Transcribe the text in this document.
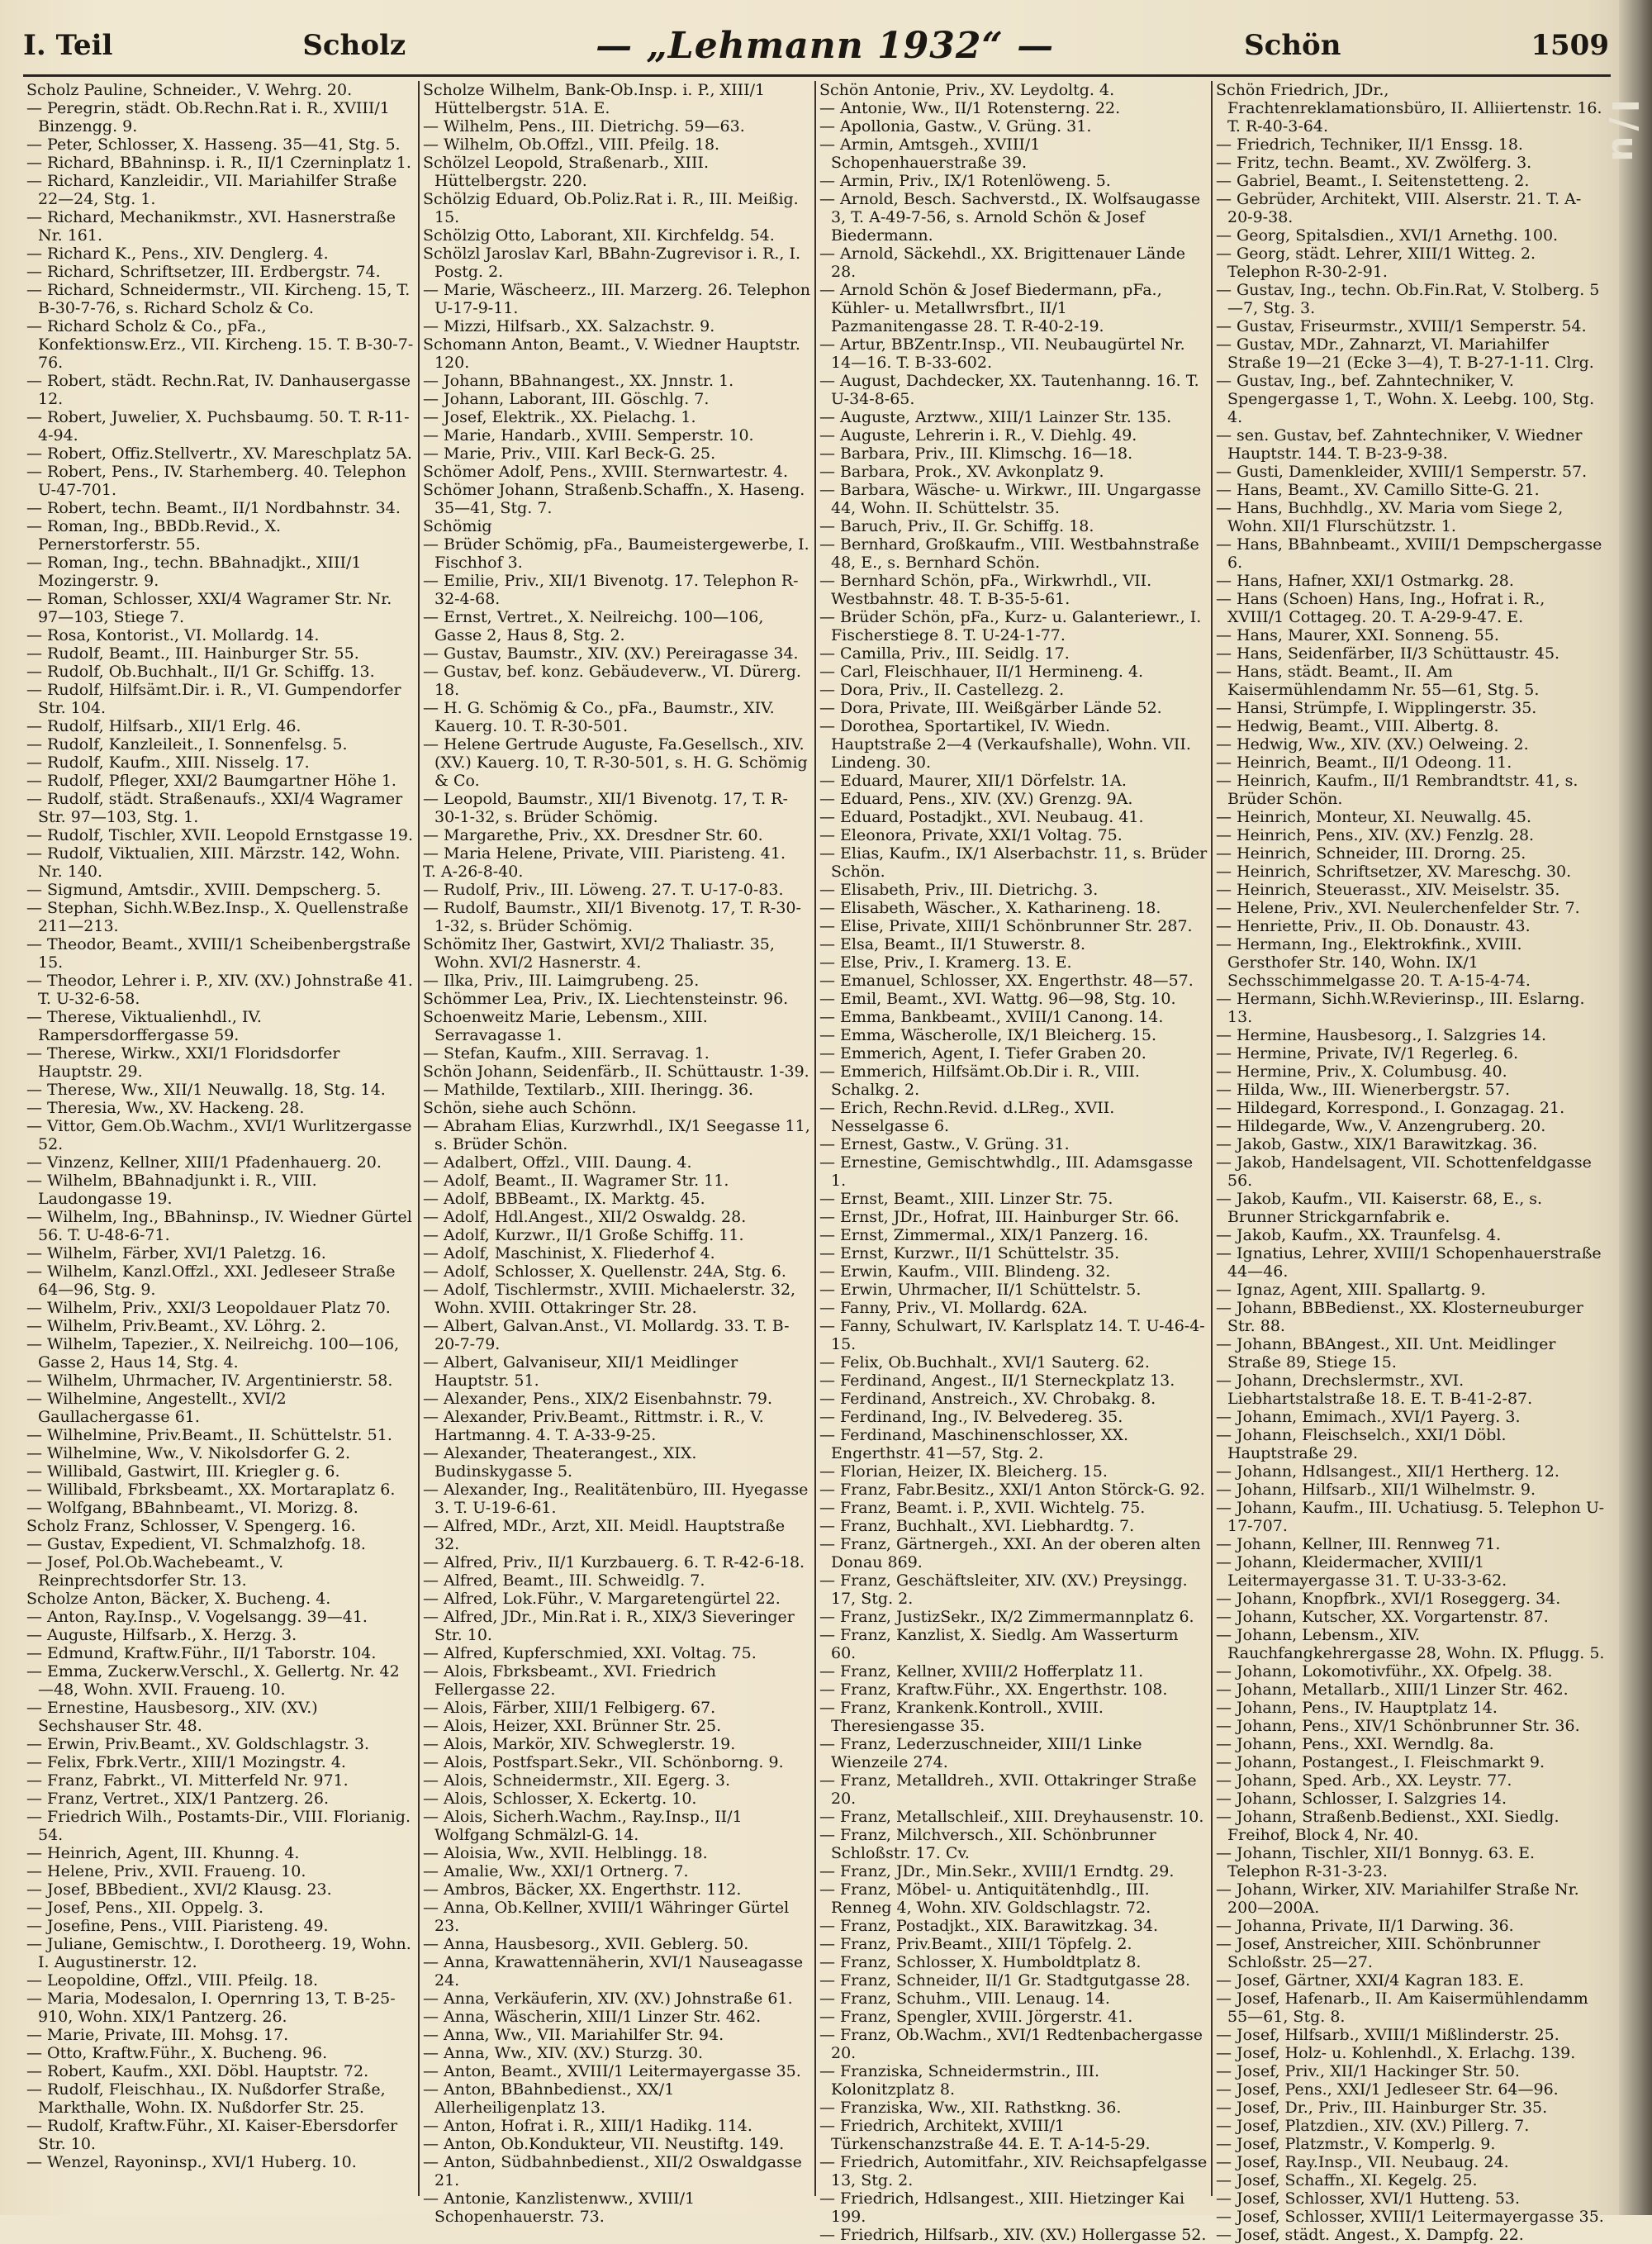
I. Teil	Scholz	— „Lehmann 1932“ —	Schön	1509

Scholz Pauline, Schneider., V. Wehrg. 20.

— Peregrin, städt. Ob.Rechn.Rat i. R., XVIII/1 Binzengg. 9.

— Peter, Schlosser, X. Hasseng. 35—41, Stg. 5.

— Richard, BBahninsp. i. R., II/1 Czerninplatz 1.

— Richard, Kanzleidir., VII. Mariahilfer Straße 22—24, Stg. 1.

— Richard, Mechanikmstr., XVI. Hasnerstraße Nr. 161.

— Richard K., Pens., XIV. Denglerg. 4.

— Richard, Schriftsetzer, III. Erdbergstr. 74.

— Richard, Schneidermstr., VII. Kircheng. 15, T. B-30-7-76, s. Richard Scholz & Co.

— Richard Scholz & Co., pFa., Konfektionsw.Erz., VII. Kircheng. 15. T. B-30-7-76.

— Robert, städt. Rechn.Rat, IV. Danhausergasse 12.

— Robert, Juwelier, X. Puchsbaumg. 50. T. R-11-4-94.

— Robert, Offiz.Stellvertr., XV. Mareschplatz 5A.

— Robert, Pens., IV. Starhemberg. 40. Telephon U-47-701.

— Robert, techn. Beamt., II/1 Nordbahnstr. 34.

— Roman, Ing., BBDb.Revid., X. Pernerstorferstr. 55.

— Roman, Ing., techn. BBahnadjkt., XIII/1 Mozingerstr. 9.

— Roman, Schlosser, XXI/4 Wagramer Str. Nr. 97—103, Stiege 7.

— Rosa, Kontorist., VI. Mollardg. 14.

— Rudolf, Beamt., III. Hainburger Str. 55.

— Rudolf, Ob.Buchhalt., II/1 Gr. Schiffg. 13.

— Rudolf, Hilfsämt.Dir. i. R., VI. Gumpendorfer Str. 104.

— Rudolf, Hilfsarb., XII/1 Erlg. 46.

— Rudolf, Kanzleileit., I. Sonnenfelsg. 5.

— Rudolf, Kaufm., XIII. Nisselg. 17.

— Rudolf, Pfleger, XXI/2 Baumgartner Höhe 1.

— Rudolf, städt. Straßenaufs., XXI/4 Wagramer Str. 97—103, Stg. 1.

— Rudolf, Tischler, XVII. Leopold Ernstgasse 19.

— Rudolf, Viktualien, XIII. Märzstr. 142, Wohn. Nr. 140.

— Sigmund, Amtsdir., XVIII. Dempscherg. 5.

— Stephan, Sichh.W.Bez.Insp., X. Quellenstraße 211—213.

— Theodor, Beamt., XVIII/1 Scheibenbergstraße 15.

— Theodor, Lehrer i. P., XIV. (XV.) Johnstraße 41. T. U-32-6-58.

— Therese, Viktualienhdl., IV. Rampersdorffergasse 59.

— Therese, Wirkw., XXI/1 Floridsdorfer Hauptstr. 29.

— Therese, Ww., XII/1 Neuwallg. 18, Stg. 14.

— Theresia, Ww., XV. Hackeng. 28.

— Vittor, Gem.Ob.Wachm., XVI/1 Wurlitzergasse 52.

— Vinzenz, Kellner, XIII/1 Pfadenhauerg. 20.

— Wilhelm, BBahnadjunkt i. R., VIII. Laudongasse 19.

— Wilhelm, Ing., BBahninsp., IV. Wiedner Gürtel 56. T. U-48-6-71.

— Wilhelm, Färber, XVI/1 Paletzg. 16.

— Wilhelm, Kanzl.Offzl., XXI. Jedleseer Straße 64—96, Stg. 9.

— Wilhelm, Priv., XXI/3 Leopoldauer Platz 70.

— Wilhelm, Priv.Beamt., XV. Löhrg. 2.

— Wilhelm, Tapezier., X. Neilreichg. 100—106, Gasse 2, Haus 14, Stg. 4.

— Wilhelm, Uhrmacher, IV. Argentinierstr. 58.

— Wilhelmine, Angestellt., XVI/2 Gaullachergasse 61.

— Wilhelmine, Priv.Beamt., II. Schüttelstr. 51.

— Wilhelmine, Ww., V. Nikolsdorfer G. 2.

— Willibald, Gastwirt, III. Kriegler g. 6.

— Willibald, Fbrksbeamt., XX. Mortaraplatz 6.

— Wolfgang, BBahnbeamt., VI. Morizg. 8.

Scholz Franz, Schlosser, V. Spengerg. 16.

— Gustav, Expedient, VI. Schmalzhofg. 18.

— Josef, Pol.Ob.Wachebeamt., V. Reinprechtsdorfer Str. 13.

Scholze Anton, Bäcker, X. Bucheng. 4.

— Anton, Ray.Insp., V. Vogelsangg. 39—41.

— Auguste, Hilfsarb., X. Herzg. 3.

— Edmund, Kraftw.Führ., II/1 Taborstr. 104.

— Emma, Zuckerw.Verschl., X. Gellertg. Nr. 42—48, Wohn. XVII. Fraueng. 10.

— Ernestine, Hausbesorg., XIV. (XV.) Sechshauser Str. 48.

— Erwin, Priv.Beamt., XV. Goldschlagstr. 3.

— Felix, Fbrk.Vertr., XIII/1 Mozingstr. 4.

— Franz, Fabrkt., VI. Mitterfeld Nr. 971.

— Franz, Vertret., XIX/1 Pantzerg. 26.

— Friedrich Wilh., Postamts-Dir., VIII. Florianig. 54.

— Heinrich, Agent, III. Khunng. 4.

— Helene, Priv., XVII. Fraueng. 10.

— Josef, BBbedient., XVI/2 Klausg. 23.

— Josef, Pens., XII. Oppelg. 3.

— Josefine, Pens., VIII. Piaristeng. 49.

— Juliane, Gemischtw., I. Dorotheerg. 19, Wohn. I. Augustinerstr. 12.

— Leopoldine, Offzl., VIII. Pfeilg. 18.

— Maria, Modesalon, I. Opernring 13, T. B-25-910, Wohn. XIX/1 Pantzerg. 26.

— Marie, Private, III. Mohsg. 17.

— Otto, Kraftw.Führ., X. Bucheng. 96.

— Robert, Kaufm., XXI. Döbl. Hauptstr. 72.

— Rudolf, Fleischhau., IX. Nußdorfer Straße, Markthalle, Wohn. IX. Nußdorfer Str. 25.

— Rudolf, Kraftw.Führ., XI. Kaiser-Ebersdorfer Str. 10.

— Wenzel, Rayoninsp., XVI/1 Huberg. 10.

Scholze Wilhelm, Bank-Ob.Insp. i. P., XIII/1 Hüttelbergstr. 51A. E.

— Wilhelm, Pens., III. Dietrichg. 59—63.

— Wilhelm, Ob.Offzl., VIII. Pfeilg. 18.

Schölzel Leopold, Straßenarb., XIII. Hüttelbergstr. 220.

Schölzig Eduard, Ob.Poliz.Rat i. R., III. Meißig. 15.

Schölzig Otto, Laborant, XII. Kirchfeldg. 54.

Schölzl Jaroslav Karl, BBahn-Zugrevisor i. R., I. Postg. 2.

— Marie, Wäscheerz., III. Marzerg. 26. Telephon U-17-9-11.

— Mizzi, Hilfsarb., XX. Salzachstr. 9.

Schomann Anton, Beamt., V. Wiedner Hauptstr. 120.

— Johann, BBahnangest., XX. Jnnstr. 1.

— Johann, Laborant, III. Göschlg. 7.

— Josef, Elektrik., XX. Pielachg. 1.

— Marie, Handarb., XVIII. Semperstr. 10.

— Marie, Priv., VIII. Karl Beck-G. 25.

Schömer Adolf, Pens., XVIII. Sternwartestr. 4.

Schömer Johann, Straßenb.Schaffn., X. Haseng. 35—41, Stg. 7.

Schömig

— Brüder Schömig, pFa., Baumeistergewerbe, I. Fischhof 3.

— Emilie, Priv., XII/1 Bivenotg. 17. Telephon R-32-4-68.

— Ernst, Vertret., X. Neilreichg. 100—106, Gasse 2, Haus 8, Stg. 2.

— Gustav, Baumstr., XIV. (XV.) Pereiragasse 34.

— Gustav, bef. konz. Gebäudeverw., VI. Dürerg. 18.

— H. G. Schömig & Co., pFa., Baumstr., XIV. Kauerg. 10. T. R-30-501.

— Helene Gertrude Auguste, Fa.Gesellsch., XIV. (XV.) Kauerg. 10, T. R-30-501, s. H. G. Schömig & Co.

— Leopold, Baumstr., XII/1 Bivenotg. 17, T. R-30-1-32, s. Brüder Schömig.

— Margarethe, Priv., XX. Dresdner Str. 60.

— Maria Helene, Private, VIII. Piaristeng. 41.

T. A-26-8-40.

— Rudolf, Priv., III. Löweng. 27. T. U-17-0-83.

— Rudolf, Baumstr., XII/1 Bivenotg. 17, T. R-30-1-32, s. Brüder Schömig.

Schömitz Iher, Gastwirt, XVI/2 Thaliastr. 35, Wohn. XVI/2 Hasnerstr. 4.

— Ilka, Priv., III. Laimgrubeng. 25.

Schömmer Lea, Priv., IX. Liechtensteinstr. 96.

Schoenweitz Marie, Lebensm., XIII. Serravagasse 1.

— Stefan, Kaufm., XIII. Serravag. 1.

Schön Johann, Seidenfärb., II. Schüttaustr. 1-39.

— Mathilde, Textilarb., XIII. Iheringg. 36.

Schön, siehe auch Schönn.

— Abraham Elias, Kurzwrhdl., IX/1 Seegasse 11, s. Brüder Schön.

— Adalbert, Offzl., VIII. Daung. 4.

— Adolf, Beamt., II. Wagramer Str. 11.

— Adolf, BBBeamt., IX. Marktg. 45.

— Adolf, Hdl.Angest., XII/2 Oswaldg. 28.

— Adolf, Kurzwr., II/1 Große Schiffg. 11.

— Adolf, Maschinist, X. Fliederhof 4.

— Adolf, Schlosser, X. Quellenstr. 24A, Stg. 6.

— Adolf, Tischlermstr., XVIII. Michaelerstr. 32, Wohn. XVIII. Ottakringer Str. 28.

— Albert, Galvan.Anst., VI. Mollardg. 33. T. B-20-7-79.

— Albert, Galvaniseur, XII/1 Meidlinger Hauptstr. 51.

— Alexander, Pens., XIX/2 Eisenbahnstr. 79.

— Alexander, Priv.Beamt., Rittmstr. i. R., V. Hartmanng. 4. T. A-33-9-25.

— Alexander, Theaterangest., XIX. Budinskygasse 5.

— Alexander, Ing., Realitätenbüro, III. Hyegasse 3. T. U-19-6-61.

— Alfred, MDr., Arzt, XII. Meidl. Hauptstraße 32.

— Alfred, Priv., II/1 Kurzbauerg. 6. T. R-42-6-18.

— Alfred, Beamt., III. Schweidlg. 7.

— Alfred, Lok.Führ., V. Margaretengürtel 22.

— Alfred, JDr., Min.Rat i. R., XIX/3 Sieveringer Str. 10.

— Alfred, Kupferschmied, XXI. Voltag. 75.

— Alois, Fbrksbeamt., XVI. Friedrich Fellergasse 22.

— Alois, Färber, XIII/1 Felbigerg. 67.

— Alois, Heizer, XXI. Brünner Str. 25.

— Alois, Markör, XIV. Schweglerstr. 19.

— Alois, Postfspart.Sekr., VII. Schönborng. 9.

— Alois, Schneidermstr., XII. Egerg. 3.

— Alois, Schlosser, X. Eckertg. 10.

— Alois, Sicherh.Wachm., Ray.Insp., II/1 Wolfgang Schmälzl-G. 14.

— Aloisia, Ww., XVII. Helblingg. 18.

— Amalie, Ww., XXI/1 Ortnerg. 7.

— Ambros, Bäcker, XX. Engerthstr. 112.

— Anna, Ob.Kellner, XVIII/1 Währinger Gürtel 23.

— Anna, Hausbesorg., XVII. Geblerg. 50.

— Anna, Krawattennäherin, XVI/1 Nauseagasse 24.

— Anna, Verkäuferin, XIV. (XV.) Johnstraße 61.

— Anna, Wäscherin, XIII/1 Linzer Str. 462.

— Anna, Ww., VII. Mariahilfer Str. 94.

— Anna, Ww., XIV. (XV.) Sturzg. 30.

— Anton, Beamt., XVIII/1 Leitermayergasse 35.

— Anton, BBahnbedienst., XX/1 Allerheiligenplatz 13.

— Anton, Hofrat i. R., XIII/1 Hadikg. 114.

— Anton, Ob.Kondukteur, VII. Neustiftg. 149.

— Anton, Südbahnbedienst., XII/2 Oswaldgasse 21.

— Antonie, Kanzlistenww., XVIII/1 Schopenhauerstr. 73.

Schön Antonie, Priv., XV. Leydoltg. 4.

— Antonie, Ww., II/1 Rotensterng. 22.

— Apollonia, Gastw., V. Grüng. 31.

— Armin, Amtsgeh., XVIII/1 Schopenhauerstraße 39.

— Armin, Priv., IX/1 Rotenlöweng. 5.

— Arnold, Besch. Sachverstd., IX. Wolfsaugasse 3, T. A-49-7-56, s. Arnold Schön & Josef Biedermann.

— Arnold, Säckehdl., XX. Brigittenauer Lände 28.

— Arnold Schön & Josef Biedermann, pFa., Kühler- u. Metallwrsfbrt., II/1 Pazmanitengasse 28. T. R-40-2-19.

— Artur, BBZentr.Insp., VII. Neubaugürtel Nr. 14—16. T. B-33-602.

— August, Dachdecker, XX. Tautenhanng. 16. T. U-34-8-65.

— Auguste, Arztww., XIII/1 Lainzer Str. 135.

— Auguste, Lehrerin i. R., V. Diehlg. 49.

— Barbara, Priv., III. Klimschg. 16—18.

— Barbara, Prok., XV. Avkonplatz 9.

— Barbara, Wäsche- u. Wirkwr., III. Ungargasse 44, Wohn. II. Schüttelstr. 35.

— Baruch, Priv., II. Gr. Schiffg. 18.

— Bernhard, Großkaufm., VIII. Westbahnstraße 48, E., s. Bernhard Schön.

— Bernhard Schön, pFa., Wirkwrhdl., VII. Westbahnstr. 48. T. B-35-5-61.

— Brüder Schön, pFa., Kurz- u. Galanteriewr., I. Fischerstiege 8. T. U-24-1-77.

— Camilla, Priv., III. Seidlg. 17.

— Carl, Fleischhauer, II/1 Hermineng. 4.

— Dora, Priv., II. Castellezg. 2.

— Dora, Private, III. Weißgärber Lände 52.

— Dorothea, Sportartikel, IV. Wiedn. Hauptstraße 2—4 (Verkaufshalle), Wohn. VII. Lindeng. 30.

— Eduard, Maurer, XII/1 Dörfelstr. 1A.

— Eduard, Pens., XIV. (XV.) Grenzg. 9A.

— Eduard, Postadjkt., XVI. Neubaug. 41.

— Eleonora, Private, XXI/1 Voltag. 75.

— Elias, Kaufm., IX/1 Alserbachstr. 11, s. Brüder Schön.

— Elisabeth, Priv., III. Dietrichg. 3.

— Elisabeth, Wäscher., X. Katharineng. 18.

— Elise, Private, XIII/1 Schönbrunner Str. 287.

— Elsa, Beamt., II/1 Stuwerstr. 8.

— Else, Priv., I. Kramerg. 13. E.

— Emanuel, Schlosser, XX. Engerthstr. 48—57.

— Emil, Beamt., XVI. Wattg. 96—98, Stg. 10.

— Emma, Bankbeamt., XVIII/1 Canong. 14.

— Emma, Wäscherolle, IX/1 Bleicherg. 15.

— Emmerich, Agent, I. Tiefer Graben 20.

— Emmerich, Hilfsämt.Ob.Dir i. R., VIII. Schalkg. 2.

— Erich, Rechn.Revid. d.LReg., XVII. Nesselgasse 6.

— Ernest, Gastw., V. Grüng. 31.

— Ernestine, Gemischtwhdlg., III. Adamsgasse 1.

— Ernst, Beamt., XIII. Linzer Str. 75.

— Ernst, JDr., Hofrat, III. Hainburger Str. 66.

— Ernst, Zimmermal., XIX/1 Panzerg. 16.

— Ernst, Kurzwr., II/1 Schüttelstr. 35.

— Erwin, Kaufm., VIII. Blindeng. 32.

— Erwin, Uhrmacher, II/1 Schüttelstr. 5.

— Fanny, Priv., VI. Mollardg. 62A.

— Fanny, Schulwart, IV. Karlsplatz 14. T. U-46-4-15.

— Felix, Ob.Buchhalt., XVI/1 Sauterg. 62.

— Ferdinand, Angest., II/1 Sterneckplatz 13.

— Ferdinand, Anstreich., XV. Chrobakg. 8.

— Ferdinand, Ing., IV. Belvedereg. 35.

— Ferdinand, Maschinenschlosser, XX. Engerthstr. 41—57, Stg. 2.

— Florian, Heizer, IX. Bleicherg. 15.

— Franz, Fabr.Besitz., XXI/1 Anton Störck-G. 92.

— Franz, Beamt. i. P., XVII. Wichtelg. 75.

— Franz, Buchhalt., XVI. Liebhardtg. 7.

— Franz, Gärtnergeh., XXI. An der oberen alten Donau 869.

— Franz, Geschäftsleiter, XIV. (XV.) Preysingg. 17, Stg. 2.

— Franz, JustizSekr., IX/2 Zimmermannplatz 6.

— Franz, Kanzlist, X. Siedlg. Am Wasserturm 60.

— Franz, Kellner, XVIII/2 Hofferplatz 11.

— Franz, Kraftw.Führ., XX. Engerthstr. 108.

— Franz, Krankenk.Kontroll., XVIII. Theresiengasse 35.

— Franz, Lederzuschneider, XIII/1 Linke Wienzeile 274.

— Franz, Metalldreh., XVII. Ottakringer Straße 20.

— Franz, Metallschleif., XIII. Dreyhausenstr. 10.

— Franz, Milchversch., XII. Schönbrunner Schloßstr. 17. Cv.

— Franz, JDr., Min.Sekr., XVIII/1 Erndtg. 29.

— Franz, Möbel- u. Antiquitätenhdlg., III. Renneg 4, Wohn. XIV. Goldschlagstr. 72.

— Franz, Postadjkt., XIX. Barawitzkag. 34.

— Franz, Priv.Beamt., XIII/1 Töpfelg. 2.

— Franz, Schlosser, X. Humboldtplatz 8.

— Franz, Schneider, II/1 Gr. Stadtgutgasse 28.

— Franz, Schuhm., VIII. Lenaug. 14.

— Franz, Spengler, XVIII. Jörgerstr. 41.

— Franz, Ob.Wachm., XVI/1 Redtenbachergasse 20.

— Franziska, Schneidermstrin., III. Kolonitzplatz 8.

— Franziska, Ww., XII. Rathstkng. 36.

— Friedrich, Architekt, XVIII/1 Türkenschanzstraße 44. E. T. A-14-5-29.

— Friedrich, Automitfahr., XIV. Reichsapfelgasse 13, Stg. 2.

— Friedrich, Hdlsangest., XIII. Hietzinger Kai 199.

— Friedrich, Hilfsarb., XIV. (XV.) Hollergasse 52.

Schön Friedrich, JDr., Frachtenreklamationsbüro, II. Alliiertenstr. 16. T. R-40-3-64.

— Friedrich, Techniker, II/1 Enssg. 18.

— Fritz, techn. Beamt., XV. Zwölferg. 3.

— Gabriel, Beamt., I. Seitenstetteng. 2.

— Gebrüder, Architekt, VIII. Alserstr. 21. T. A-20-9-38.

— Georg, Spitalsdien., XVI/1 Arnethg. 100.

— Georg, städt. Lehrer, XIII/1 Witteg. 2. Telephon R-30-2-91.

— Gustav, Ing., techn. Ob.Fin.Rat, V. Stolberg. 5—7, Stg. 3.

— Gustav, Friseurmstr., XVIII/1 Semperstr. 54.

— Gustav, MDr., Zahnarzt, VI. Mariahilfer Straße 19—21 (Ecke 3—4), T. B-27-1-11. Clrg.

— Gustav, Ing., bef. Zahntechniker, V. Spengergasse 1, T., Wohn. X. Leebg. 100, Stg. 4.

— sen. Gustav, bef. Zahntechniker, V. Wiedner Hauptstr. 144. T. B-23-9-38.

— Gusti, Damenkleider, XVIII/1 Semperstr. 57.

— Hans, Beamt., XV. Camillo Sitte-G. 21.

— Hans, Buchhdlg., XV. Maria vom Siege 2, Wohn. XII/1 Flurschützstr. 1.

— Hans, BBahnbeamt., XVIII/1 Dempschergasse 6.

— Hans, Hafner, XXI/1 Ostmarkg. 28.

— Hans (Schoen) Hans, Ing., Hofrat i. R., XVIII/1 Cottageg. 20. T. A-29-9-47. E.

— Hans, Maurer, XXI. Sonneng. 55.

— Hans, Seidenfärber, II/3 Schüttaustr. 45.

— Hans, städt. Beamt., II. Am Kaisermühlendamm Nr. 55—61, Stg. 5.

— Hansi, Strümpfe, I. Wipplingerstr. 35.

— Hedwig, Beamt., VIII. Albertg. 8.

— Hedwig, Ww., XIV. (XV.) Oelweing. 2.

— Heinrich, Beamt., II/1 Odeong. 11.

— Heinrich, Kaufm., II/1 Rembrandtstr. 41, s. Brüder Schön.

— Heinrich, Monteur, XI. Neuwallg. 45.

— Heinrich, Pens., XIV. (XV.) Fenzlg. 28.

— Heinrich, Schneider, III. Drorng. 25.

— Heinrich, Schriftsetzer, XV. Mareschg. 30.

— Heinrich, Steuerasst., XIV. Meiselstr. 35.

— Helene, Priv., XVI. Neulerchenfelder Str. 7.

— Henriette, Priv., II. Ob. Donaustr. 43.

— Hermann, Ing., Elektrokfink., XVIII. Gersthofer Str. 140, Wohn. IX/1 Sechsschimmelgasse 20. T. A-15-4-74.

— Hermann, Sichh.W.Revierinsp., III. Eslarng. 13.

— Hermine, Hausbesorg., I. Salzgries 14.

— Hermine, Private, IV/1 Regerleg. 6.

— Hermine, Priv., X. Columbusg. 40.

— Hilda, Ww., III. Wienerbergstr. 57.

— Hildegard, Korrespond., I. Gonzagag. 21.

— Hildegarde, Ww., V. Anzengruberg. 20.

— Jakob, Gastw., XIX/1 Barawitzkag. 36.

— Jakob, Handelsagent, VII. Schottenfeldgasse 56.

— Jakob, Kaufm., VII. Kaiserstr. 68, E., s. Brunner Strickgarnfabrik e.

— Jakob, Kaufm., XX. Traunfelsg. 4.

— Ignatius, Lehrer, XVIII/1 Schopenhauerstraße 44—46.

— Ignaz, Agent, XIII. Spallartg. 9.

— Johann, BBBedienst., XX. Klosterneuburger Str. 88.

— Johann, BBAngest., XII. Unt. Meidlinger Straße 89, Stiege 15.

— Johann, Drechslermstr., XVI. Liebhartstalstraße 18. E. T. B-41-2-87.

— Johann, Emimach., XVI/1 Payerg. 3.

— Johann, Fleischselch., XXI/1 Döbl. Hauptstraße 29.

— Johann, Hdlsangest., XII/1 Hertherg. 12.

— Johann, Hilfsarb., XII/1 Wilhelmstr. 9.

— Johann, Kaufm., III. Uchatiusg. 5. Telephon U-17-707.

— Johann, Kellner, III. Rennweg 71.

— Johann, Kleidermacher, XVIII/1 Leitermayergasse 31. T. U-33-3-62.

— Johann, Knopfbrk., XVI/1 Roseggerg. 34.

— Johann, Kutscher, XX. Vorgartenstr. 87.

— Johann, Lebensm., XIV. Rauchfangkehrergasse 28, Wohn. IX. Pflugg. 5.

— Johann, Lokomotivführ., XX. Ofpelg. 38.

— Johann, Metallarb., XIII/1 Linzer Str. 462.

— Johann, Pens., IV. Hauptplatz 14.

— Johann, Pens., XIV/1 Schönbrunner Str. 36.

— Johann, Pens., XXI. Werndlg. 8a.

— Johann, Postangest., I. Fleischmarkt 9.

— Johann, Sped. Arb., XX. Leystr. 77.

— Johann, Schlosser, I. Salzgries 14.

— Johann, Straßenb.Bedienst., XXI. Siedlg. Freihof, Block 4, Nr. 40.

— Johann, Tischler, XII/1 Bonnyg. 63. E. Telephon R-31-3-23.

— Johann, Wirker, XIV. Mariahilfer Straße Nr. 200—200A.

— Johanna, Private, II/1 Darwing. 36.

— Josef, Anstreicher, XIII. Schönbrunner Schloßstr. 25—27.

— Josef, Gärtner, XXI/4 Kagran 183. E.

— Josef, Hafenarb., II. Am Kaisermühlendamm 55—61, Stg. 8.

— Josef, Hilfsarb., XVIII/1 Mißlinderstr. 25.

— Josef, Holz- u. Kohlenhdl., X. Erlachg. 139.

— Josef, Priv., XII/1 Hackinger Str. 50.

— Josef, Pens., XXI/1 Jedleseer Str. 64—96.

— Josef, Dr., Priv., III. Hainburger Str. 35.

— Josef, Platzdien., XIV. (XV.) Pillerg. 7.

— Josef, Platzmstr., V. Komperlg. 9.

— Josef, Ray.Insp., VII. Neubaug. 24.

— Josef, Schaffn., XI. Kegelg. 25.

— Josef, Schlosser, XVI/1 Hutteng. 53.

— Josef, Schlosser, XVIII/1 Leitermayergasse 35.

— Josef, städt. Angest., X. Dampfg. 22.

I/u
